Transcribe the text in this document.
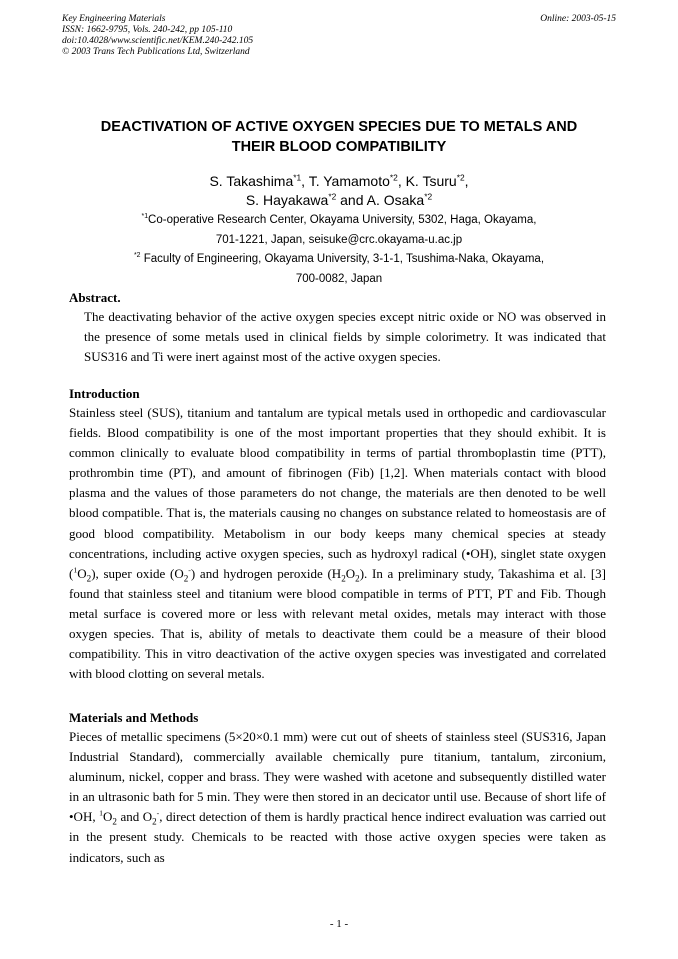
Key Engineering Materials
ISSN: 1662-9795, Vols. 240-242, pp 105-110
doi:10.4028/www.scientific.net/KEM.240-242.105
© 2003 Trans Tech Publications Ltd, Switzerland
Online: 2003-05-15
DEACTIVATION OF ACTIVE OXYGEN SPECIES DUE TO METALS AND
THEIR BLOOD COMPATIBILITY
S. Takashima$^{*1}$, T. Yamamoto$^{*2}$, K. Tsuru$^{*2}$,
S. Hayakawa$^{*2}$ and A. Osaka$^{*2}$
$^{*1}$Co-operative Research Center, Okayama University, 5302, Haga, Okayama,
701-1221, Japan, seisuke@crc.okayama-u.ac.jp
$^{*2}$ Faculty of Engineering, Okayama University, 3-1-1, Tsushima-Naka, Okayama,
700-0082, Japan
Abstract.
The deactivating behavior of the active oxygen species except nitric oxide or NO was observed in the presence of some metals used in clinical fields by simple colorimetry. It was indicated that SUS316 and Ti were inert against most of the active oxygen species.
Introduction
Stainless steel (SUS), titanium and tantalum are typical metals used in orthopedic and cardiovascular fields. Blood compatibility is one of the most important properties that they should exhibit. It is common clinically to evaluate blood compatibility in terms of partial thromboplastin time (PTT), prothrombin time (PT), and amount of fibrinogen (Fib) [1,2]. When materials contact with blood plasma and the values of those parameters do not change, the materials are then denoted to be well blood compatible. That is, the materials causing no changes on substance related to homeostasis are of good blood compatibility. Metabolism in our body keeps many chemical species at steady concentrations, including active oxygen species, such as hydroxyl radical (•OH), singlet state oxygen $(^1O_2)$, super oxide $(O_2^-)$ and hydrogen peroxide $(H_2O_2)$. In a preliminary study, Takashima et al. [3] found that stainless steel and titanium were blood compatible in terms of PTT, PT and Fib. Though metal surface is covered more or less with relevant metal oxides, metals may interact with those oxygen species. That is, ability of metals to deactivate them could be a measure of their blood compatibility. This in vitro deactivation of the active oxygen species was investigated and correlated with blood clotting on several metals.
Materials and Methods
Pieces of metallic specimens (5×20×0.1 mm) were cut out of sheets of stainless steel (SUS316, Japan Industrial Standard), commercially available chemically pure titanium, tantalum, zirconium, aluminum, nickel, copper and brass. They were washed with acetone and subsequently distilled water in an ultrasonic bath for 5 min. They were then stored in an decicator until use. Because of short life of •OH, $^1O_2$ and $O_2^-$, direct detection of them is hardly practical hence indirect evaluation was carried out in the present study. Chemicals to be reacted with those active oxygen species were taken as indicators, such as
- 1 -
